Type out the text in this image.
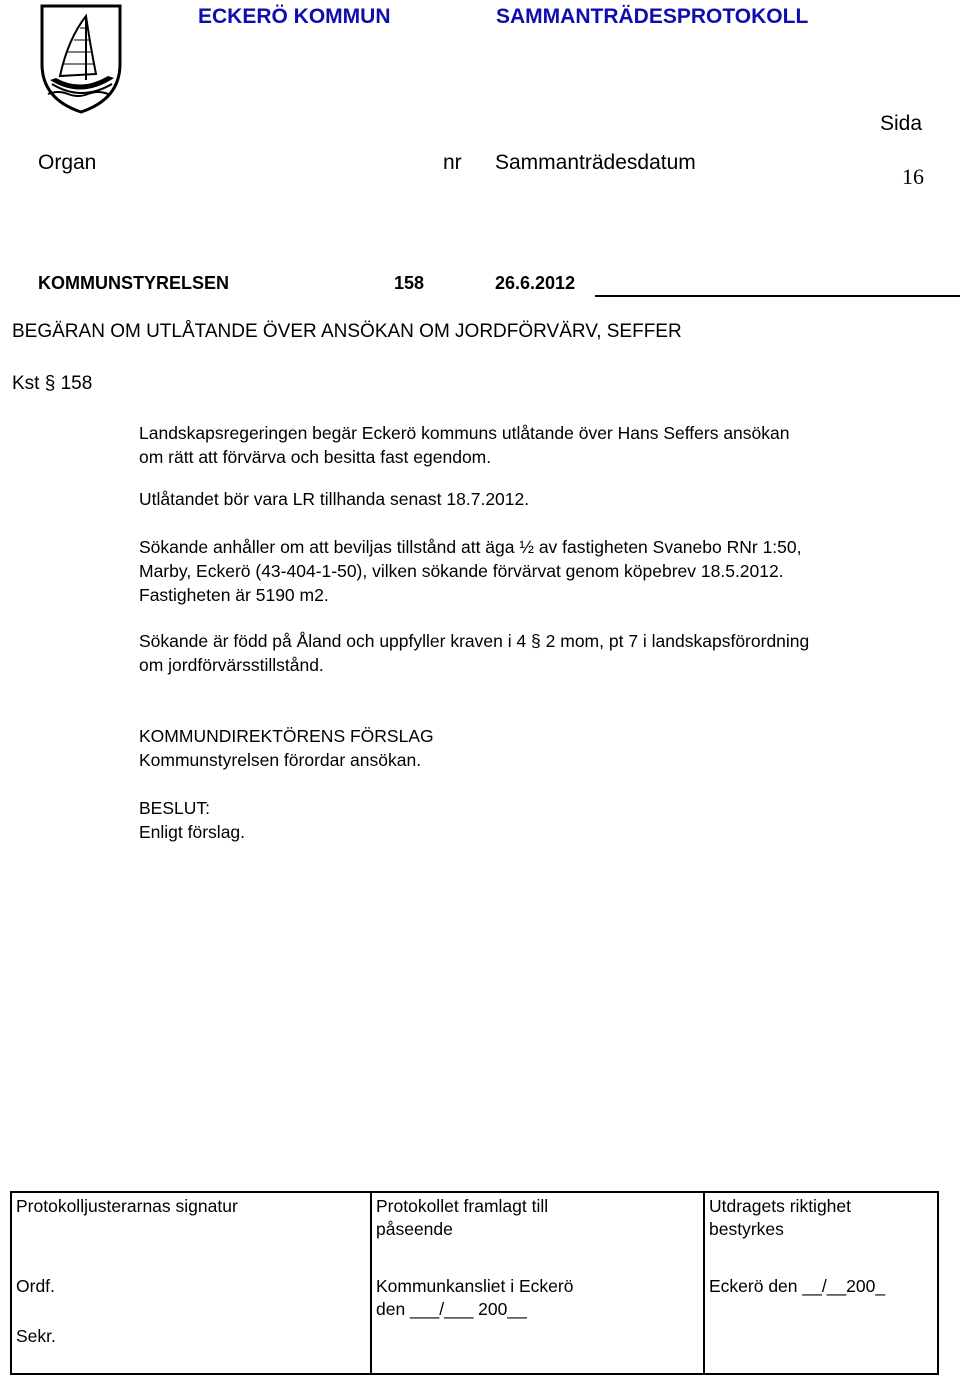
ECKERÖ KOMMUN	SAMMANTRÄDESPROTOKOLL
Sida
Organ	nr Sammanträdesdatum
16
KOMMUNSTYRELSEN	158	26.6.2012
BEGÄRAN OM UTLÅTANDE ÖVER ANSÖKAN OM JORDFÖRVÄRV, SEFFER
Kst § 158
Landskapsregeringen begär Eckerö kommuns utlåtande över Hans Seffers ansökan
om rätt att förvärva och besitta fast egendom.
Utlåtandet bör vara LR tillhanda senast 18.7.2012.
Sökande anhåller om att beviljas tillstånd att äga ½ av fastigheten Svanebo RNr 1:50,
Marby, Eckerö (43-404-1-50), vilken sökande förvärvat genom köpebrev 18.5.2012.
Fastigheten är 5190 m2.
Sökande är född på Åland och uppfyller kraven i 4 § 2 mom, pt 7 i landskapsförordning
om jordförvärsstillstånd.
KOMMUNDIREKTÖRENS FÖRSLAG
Kommunstyrelsen förordar ansökan.
BESLUT:
Enligt förslag.
Protokolljusterarnas signatur
Ordf.
Sekr.

Protokollet framlagt till
påseende
Kommunkansliet i Eckerö
den ___/___ 200__

Utdragets riktighet
bestyrkes
Eckerö den __/__200_
